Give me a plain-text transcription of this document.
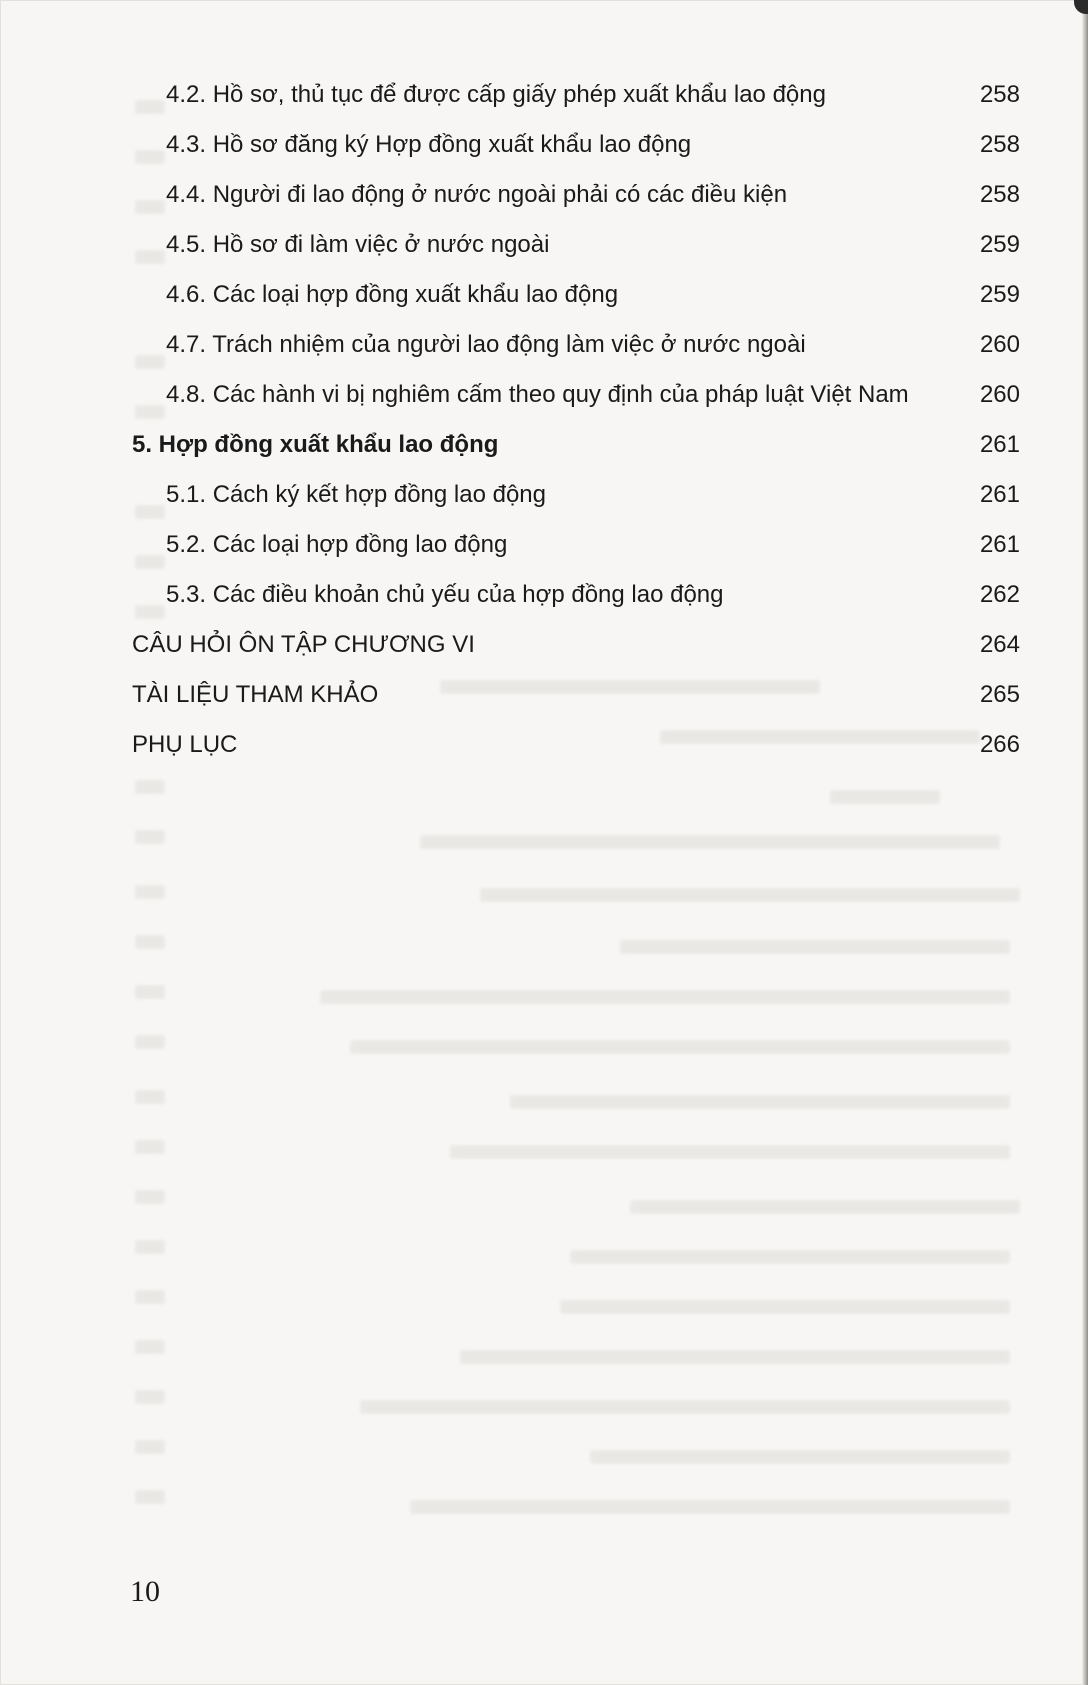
4.2. Hồ sơ, thủ tục để được cấp giấy phép xuất khẩu lao động	258
4.3. Hồ sơ đăng ký Hợp đồng xuất khẩu lao động	258
4.4. Người đi lao động ở nước ngoài phải có các điều kiện	258
4.5. Hồ sơ đi làm việc ở nước ngoài	259
4.6. Các loại hợp đồng xuất khẩu lao động	259
4.7. Trách nhiệm của người lao động làm việc ở nước ngoài	260
4.8. Các hành vi bị nghiêm cấm theo quy định của pháp luật Việt Nam	260
5. Hợp đồng xuất khẩu lao động	261
5.1. Cách ký kết hợp đồng lao động	261
5.2. Các loại hợp đồng lao động	261
5.3. Các điều khoản chủ yếu của hợp đồng lao động	262
CÂU HỎI ÔN TẬP CHƯƠNG VI	264
TÀI LIỆU THAM KHẢO	265
PHỤ LỤC	266
10
